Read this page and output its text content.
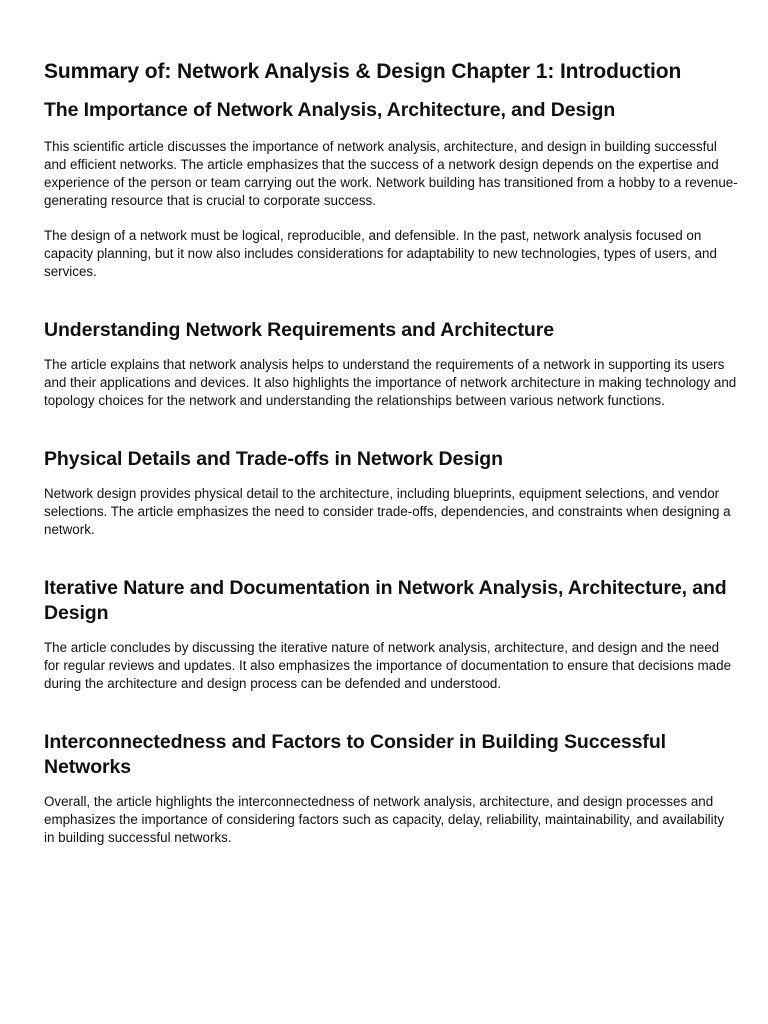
Summary of: Network Analysis & Design Chapter 1: Introduction
The Importance of Network Analysis, Architecture, and Design

This scientific article discusses the importance of network analysis, architecture, and design in building successful and efficient networks. The article emphasizes that the success of a network design depends on the expertise and experience of the person or team carrying out the work. Network building has transitioned from a hobby to a revenue-generating resource that is crucial to corporate success.

The design of a network must be logical, reproducible, and defensible. In the past, network analysis focused on capacity planning, but it now also includes considerations for adaptability to new technologies, types of users, and services.

Understanding Network Requirements and Architecture

The article explains that network analysis helps to understand the requirements of a network in supporting its users and their applications and devices. It also highlights the importance of network architecture in making technology and topology choices for the network and understanding the relationships between various network functions.

Physical Details and Trade-offs in Network Design

Network design provides physical detail to the architecture, including blueprints, equipment selections, and vendor selections. The article emphasizes the need to consider trade-offs, dependencies, and constraints when designing a network.

Iterative Nature and Documentation in Network Analysis, Architecture, and Design

The article concludes by discussing the iterative nature of network analysis, architecture, and design and the need for regular reviews and updates. It also emphasizes the importance of documentation to ensure that decisions made during the architecture and design process can be defended and understood.

Interconnectedness and Factors to Consider in Building Successful Networks

Overall, the article highlights the interconnectedness of network analysis, architecture, and design processes and emphasizes the importance of considering factors such as capacity, delay, reliability, maintainability, and availability in building successful networks.
